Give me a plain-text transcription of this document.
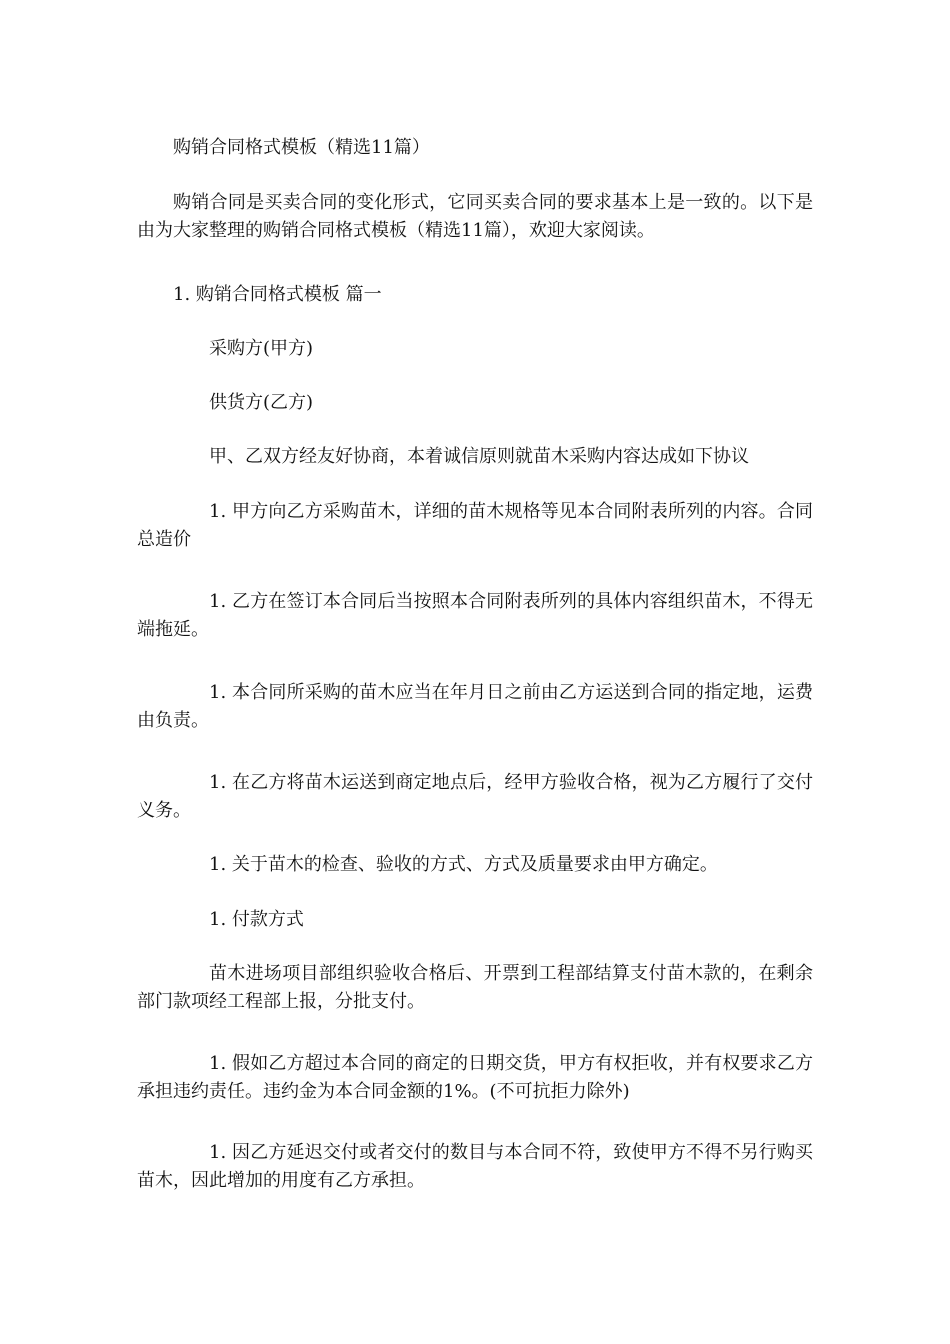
购销合同格式模板（精选11篇）

购销合同是买卖合同的变化形式，它同买卖合同的要求基本上是一致的。以下是由为大家整理的购销合同格式模板（精选11篇），欢迎大家阅读。

1. 购销合同格式模板 篇一

采购方(甲方)

供货方(乙方)

甲、乙双方经友好协商，本着诚信原则就苗木采购内容达成如下协议

1. 甲方向乙方采购苗木，详细的苗木规格等见本合同附表所列的内容。合同总造价

1. 乙方在签订本合同后当按照本合同附表所列的具体内容组织苗木，不得无端拖延。

1. 本合同所采购的苗木应当在年月日之前由乙方运送到合同的指定地，运费由负责。

1. 在乙方将苗木运送到商定地点后，经甲方验收合格，视为乙方履行了交付义务。

1. 关于苗木的检查、验收的方式、方式及质量要求由甲方确定。

1. 付款方式

苗木进场项目部组织验收合格后、开票到工程部结算支付苗木款的，在剩余部门款项经工程部上报，分批支付。

1. 假如乙方超过本合同的商定的日期交货，甲方有权拒收，并有权要求乙方承担违约责任。违约金为本合同金额的1%。(不可抗拒力除外)

1. 因乙方延迟交付或者交付的数目与本合同不符，致使甲方不得不另行购买苗木，因此增加的用度有乙方承担。
